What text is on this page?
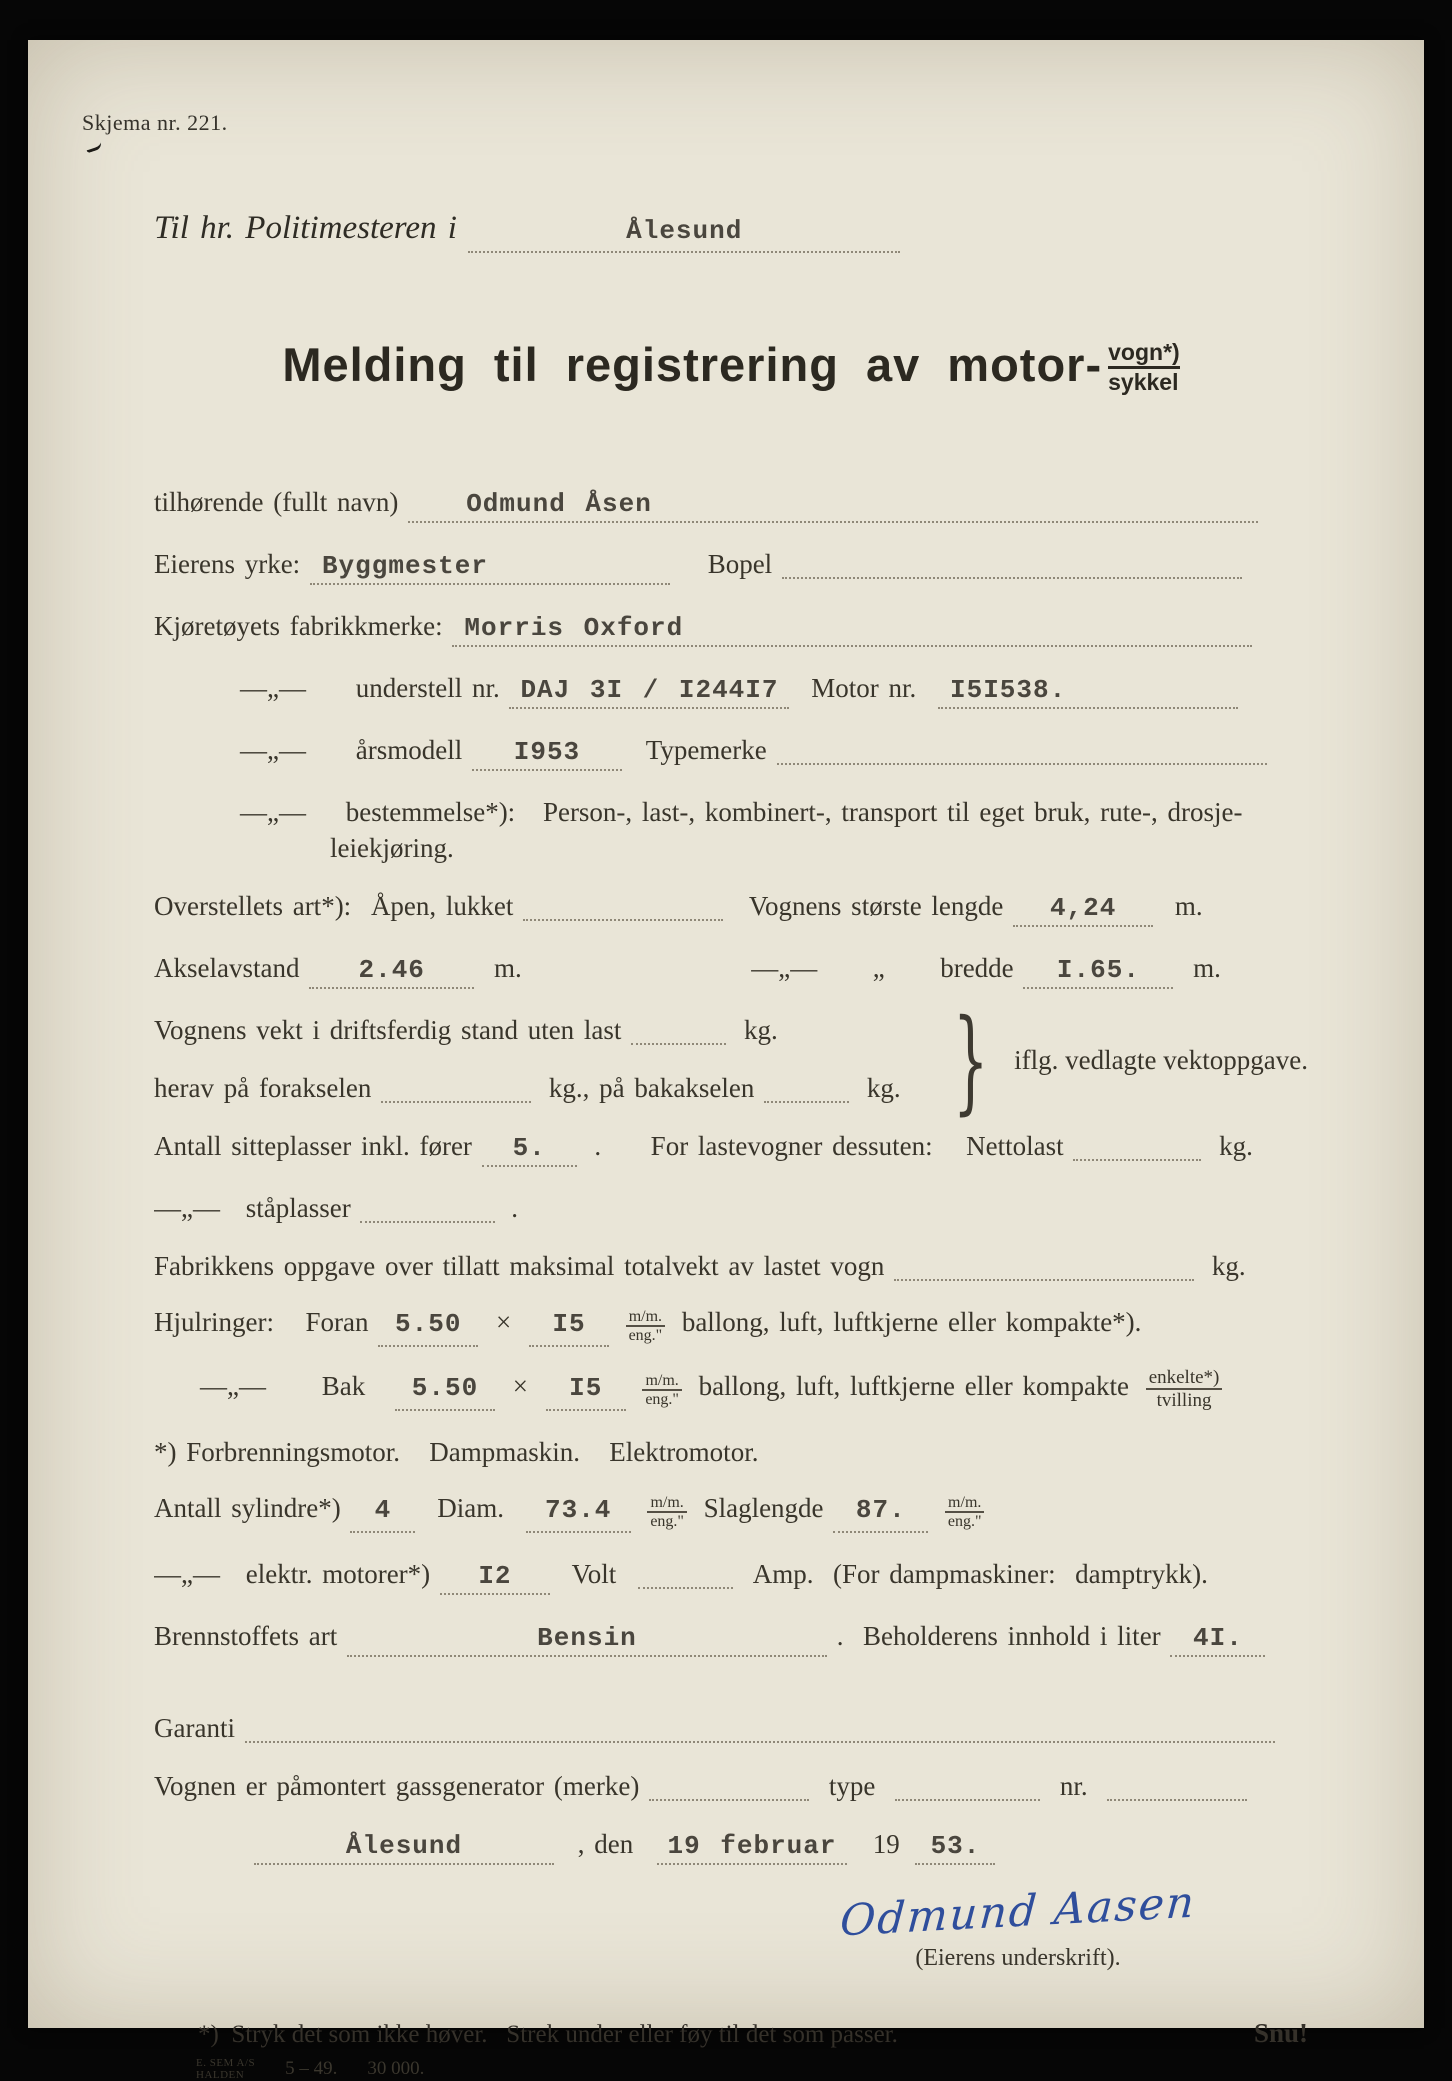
Skjema nr. 221.
Til hr. Politimesteren i	Ålesund
Melding til registrering av motor- vogn*)
sykkel
tilhørende (fullt navn)	Odmund Åsen
Eierens yrke: Byggmester	Bopel
Kjøretøyets fabrikkmerke: Morris Oxford
—„— understell nr. DAJ 3I / I244I7 Motor nr. I5I538.
—„— årsmodell I953 Typemerke
—„— bestemmelse*): Person-, last-, kombinert-, transport til eget bruk, rute-, drosje-
leiekjøring.
Overstellets art*): Åpen, lukket	Vognens største lengde 4,24 m.
Akselavstand 2.46	m.	—„— „ bredde I.65. m.
Vognens vekt i driftsferdig stand uten last	kg.
herav på forakselen	kg., på bakakselen	kg. } iflg. vedlagte vektoppgave.
Antall sitteplasser inkl. fører 5. . For lastevogner dessuten: Nettolast	kg.
—„— ståplasser	.
Fabrikkens oppgave over tillatt maksimal totalvekt av lastet vogn	kg.
Hjulringer: Foran 5.50 × I5	m/m.
eng." ballong, luft, luftkjerne eller kompakte*).
—„— Bak 5.50 × I5	m/m.
eng." ballong, luft, luftkjerne eller kompakte enkelte*)
tvilling
*) Forbrenningsmotor.   Dampmaskin.   Elektromotor.
Antall sylindre*) 4 Diam. 73.4 m/m.
eng." Slaglengde 87.	m/m.
eng."
—„— elektr. motorer*) I2 Volt	Amp.  (For dampmaskiner:  damptrykk).
Brennstoffets art	Bensin	.  Beholderens innhold i liter 4I.
Garanti
Vognen er påmontert gassgenerator (merke)	type	nr.
Ålesund	, den 19 februar 19 53.
Odmund Aasen
(Eierens underskrift).
*)  Stryk det som ikke høver.   Strek under eller føy til det som passer.	Snu!
E. SEM A/S
HALDEN	5 – 49. 30 000.
